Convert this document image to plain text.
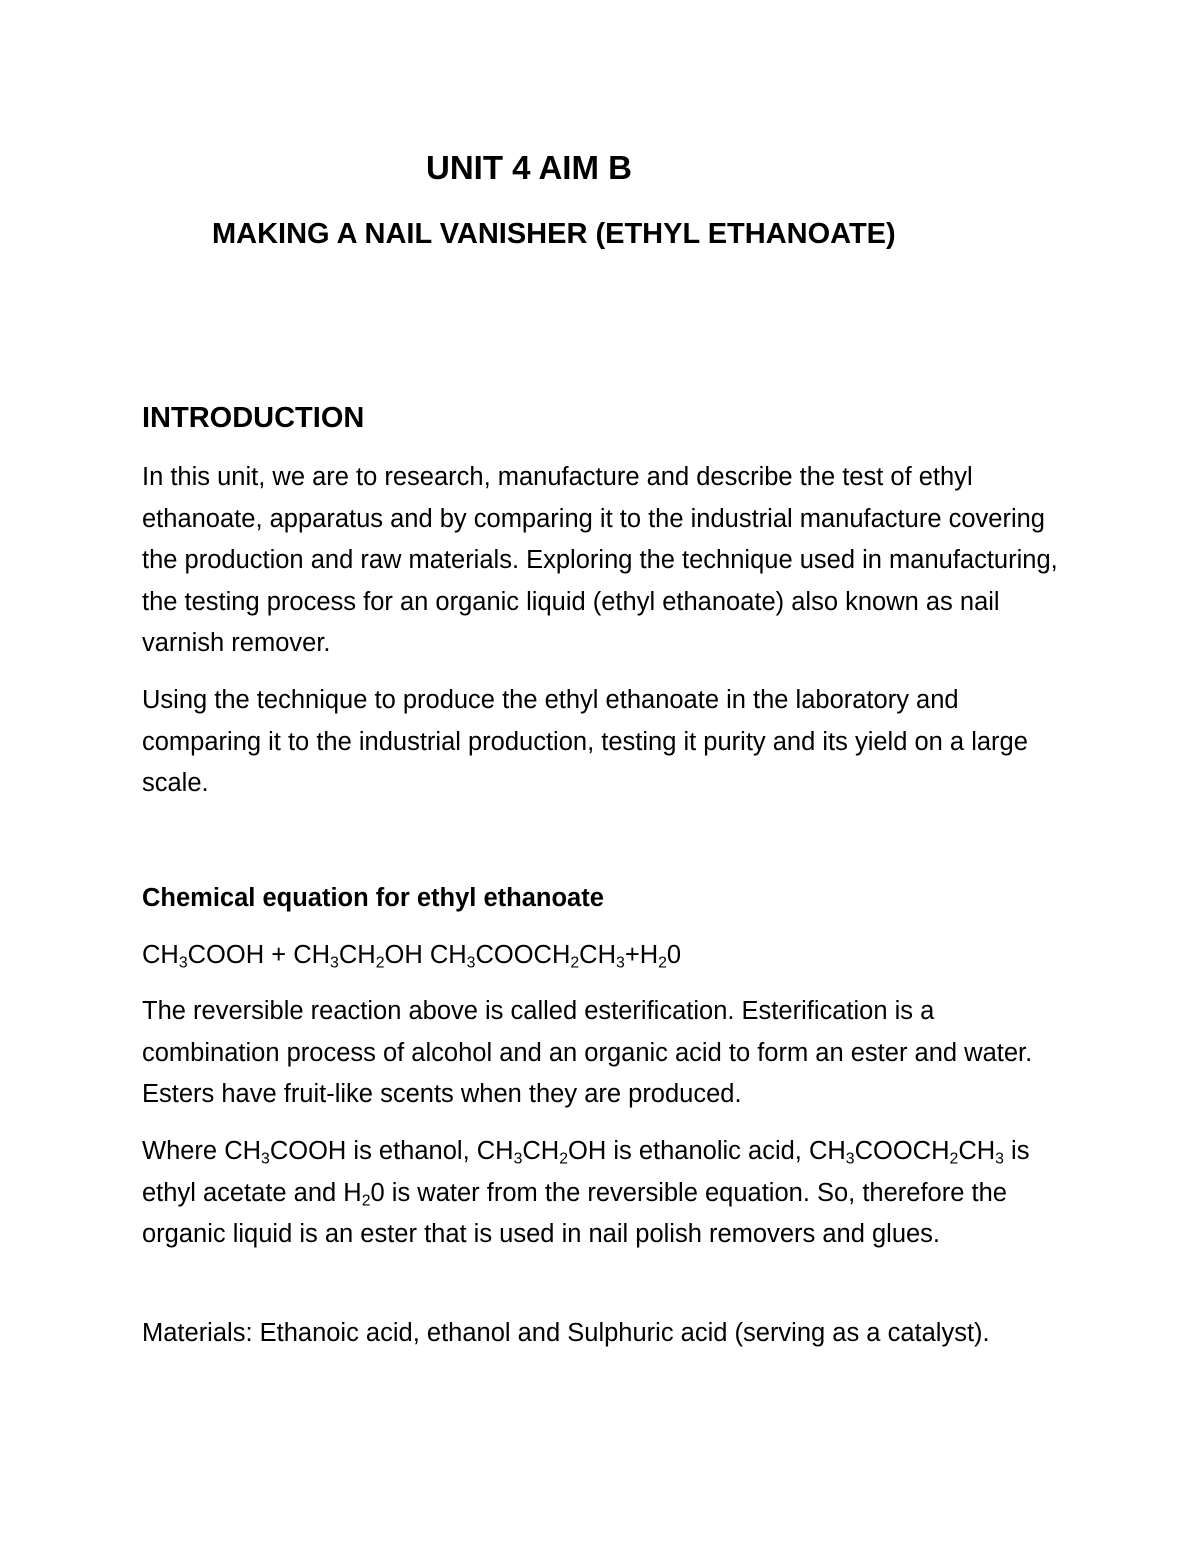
UNIT 4 AIM B
MAKING A NAIL VANISHER (ETHYL ETHANOATE)
INTRODUCTION

In this unit, we are to research, manufacture and describe the test of ethyl ethanoate, apparatus and by comparing it to the industrial manufacture covering the production and raw materials. Exploring the technique used in manufacturing, the testing process for an organic liquid (ethyl ethanoate) also known as nail varnish remover.

Using the technique to produce the ethyl ethanoate in the laboratory and comparing it to the industrial production, testing it purity and its yield on a large scale.

Chemical equation for ethyl ethanoate

$CH_3COOH + CH_3CH_2OH$ $CH_3COOCH_2CH_3+H_20$

The reversible reaction above is called esterification. Esterification is a combination process of alcohol and an organic acid to form an ester and water. Esters have fruit-like scents when they are produced.

Where $CH_3COOH$ is ethanol, $CH_3CH_2OH$ is ethanolic acid, $CH_3COOCH_2CH_3$ is ethyl acetate and $H_20$ is water from the reversible equation. So, therefore the organic liquid is an ester that is used in nail polish removers and glues.

Materials: Ethanoic acid, ethanol and Sulphuric acid (serving as a catalyst).
